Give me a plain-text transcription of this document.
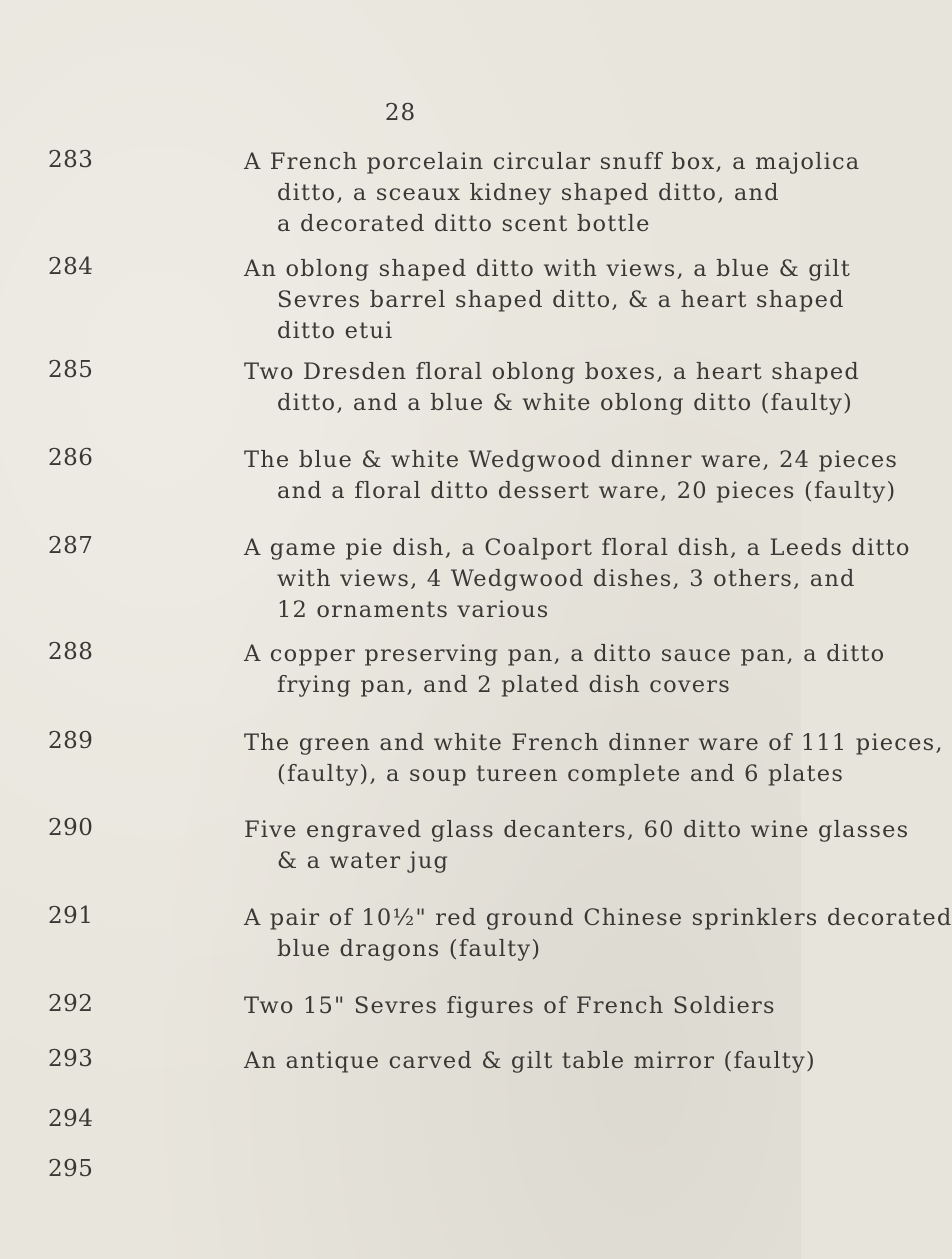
28
283	A French porcelain circular snuff box, a majolica
ditto, a sceaux kidney shaped ditto, and
a decorated ditto scent bottle
284	An oblong shaped ditto with views, a blue & gilt
Sevres barrel shaped ditto, & a heart shaped
ditto etui
285	Two Dresden floral oblong boxes, a heart shaped
ditto, and a blue & white oblong ditto (faulty)
286	The blue & white Wedgwood dinner ware, 24 pieces
and a floral ditto dessert ware, 20 pieces (faulty)
287	A game pie dish, a Coalport floral dish, a Leeds ditto
with views, 4 Wedgwood dishes, 3 others, and
12 ornaments various
288	A copper preserving pan, a ditto sauce pan, a ditto
frying pan, and 2 plated dish covers
289	The green and white French dinner ware of 111 pieces,
(faulty), a soup tureen complete and 6 plates
290	Five engraved glass decanters, 60 ditto wine glasses
& a water jug
291	A pair of 10½" red ground Chinese sprinklers decorated
blue dragons (faulty)
292	Two 15" Sevres figures of French Soldiers
293	An antique carved & gilt table mirror (faulty)
294
295
